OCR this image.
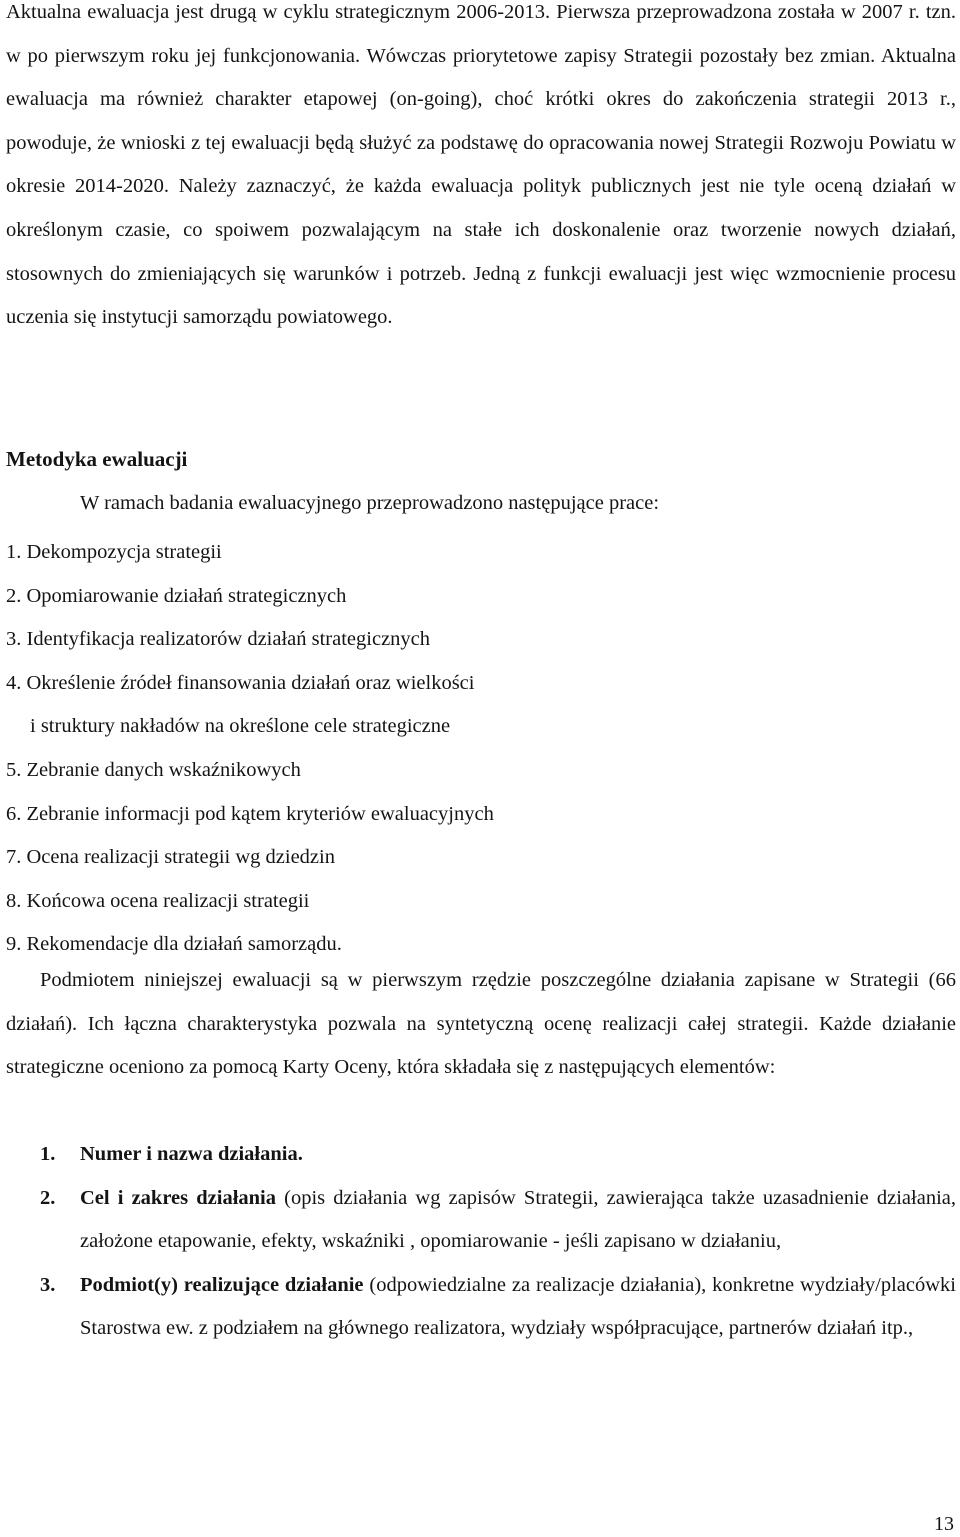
Aktualna ewaluacja jest drugą w cyklu strategicznym 2006-2013. Pierwsza przeprowadzona została w 2007 r. tzn. w po pierwszym roku jej funkcjonowania. Wówczas priorytetowe zapisy Strategii pozostały bez zmian. Aktualna ewaluacja ma również charakter etapowej (on-going), choć krótki okres do zakończenia strategii 2013 r., powoduje, że wnioski z tej ewaluacji będą służyć za podstawę do opracowania nowej Strategii Rozwoju Powiatu w okresie 2014-2020. Należy zaznaczyć, że każda ewaluacja polityk publicznych jest nie tyle oceną działań w określonym czasie, co spoiwem pozwalającym na stałe ich doskonalenie oraz tworzenie nowych działań, stosownych do zmieniających się warunków i potrzeb. Jedną z funkcji ewaluacji jest więc wzmocnienie procesu uczenia się instytucji samorządu powiatowego.

Metodyka ewaluacji

W ramach badania ewaluacyjnego przeprowadzono następujące prace:

1. Dekompozycja strategii
2. Opomiarowanie działań strategicznych
3. Identyfikacja realizatorów działań strategicznych
4. Określenie źródeł finansowania działań oraz wielkości
i struktury nakładów na określone cele strategiczne
5. Zebranie danych wskaźnikowych
6. Zebranie informacji pod kątem kryteriów ewaluacyjnych
7. Ocena realizacji strategii wg dziedzin
8. Końcowa ocena realizacji strategii
9. Rekomendacje dla działań samorządu.

Podmiotem niniejszej ewaluacji są w pierwszym rzędzie poszczególne działania zapisane w Strategii (66 działań). Ich łączna charakterystyka pozwala na syntetyczną ocenę realizacji całej strategii. Każde działanie strategiczne oceniono za pomocą Karty Oceny, która składała się z następujących elementów:

1. Numer i nazwa działania.
2. Cel i zakres działania (opis działania wg zapisów Strategii, zawierająca także uzasadnienie działania, założone etapowanie, efekty, wskaźniki , opomiarowanie - jeśli zapisano w działaniu,
3. Podmiot(y) realizujące działanie (odpowiedzialne za realizacje działania), konkretne wydziały/placówki Starostwa ew. z podziałem na głównego realizatora, wydziały współpracujące, partnerów działań itp.,
13
